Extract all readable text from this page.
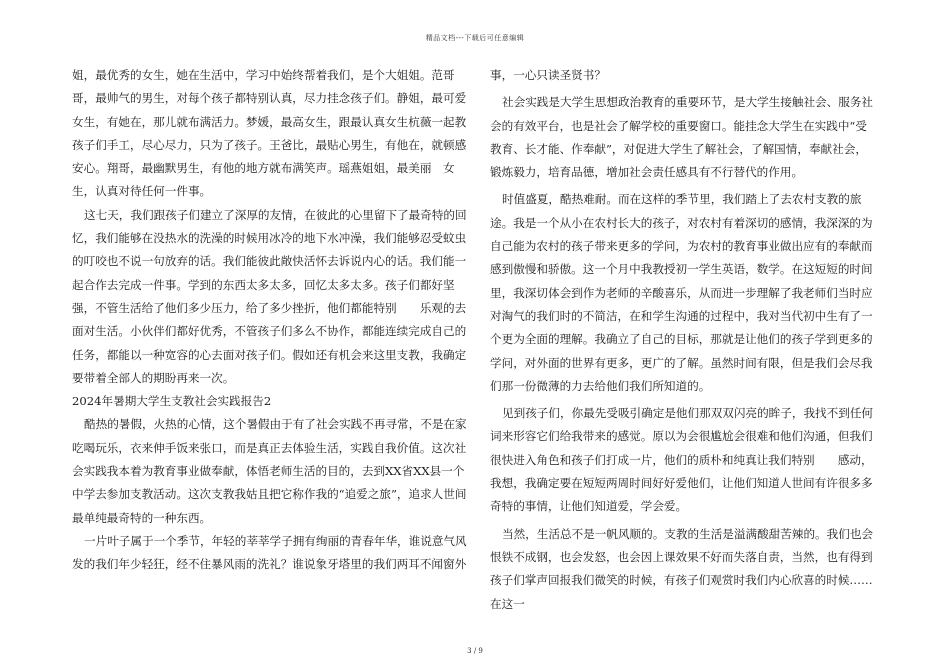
精品文档---下载后可任意编辑

姐，最优秀的女生，她在生活中，学习中始终帮着我们，是个大姐姐。范哥哥，最帅气的男生，对每个孩子都特别认真，尽力挂念孩子们。静姐，最可爱女生，有她在，那儿就布满活力。梦媛，最高女生，跟最认真女生杭薇一起教孩子们手工，尽心尽力，只为了孩子。王爸比，最贴心男生，有他在，就顿感安心。翔哥，最幽默男生，有他的地方就布满笑声。瑶燕姐姐，最美丽　女生，认真对待任何一件事。

这七天，我们跟孩子们建立了深厚的友情，在彼此的心里留下了最奇特的回忆，我们能够在没热水的洗澡的时候用冰冷的地下水冲澡，我们能够忍受蚊虫的叮咬也不说一句放弃的话。我们能彼此敞快活怀去诉说内心的话。我们能一起合作去完成一件事。学到的东西太多太多，回忆太多太多。孩子们都好坚强，不管生活给了他们多少压力，给了多少挫折，他们都能特别　　乐观的去面对生活。小伙伴们都好优秀，不管孩子们多么不协作，都能连续完成自己的任务，都能以一种宽容的心去面对孩子们。假如还有机会来这里支教，我确定要带着全部人的期盼再来一次。

2024年暑期大学生支教社会实践报告2

酷热的暑假，火热的心情，这个暑假由于有了社会实践不再寻常，不是在家吃喝玩乐，衣来伸手饭来张口，而是真正去体验生活，实践自我价值。这次社会实践我本着为教育事业做奉献，体悟老师生活的目的，去到XX省XX县一个中学去参加支教活动。这次支教我姑且把它称作我的“追爱之旅”，追求人世间最单纯最奇特的一种东西。

一片叶子属于一个季节，年轻的莘莘学子拥有绚丽的青春年华，谁说意气风发的我们年少轻狂，经不住暴风雨的洗礼？谁说象牙塔里的我们两耳不闻窗外

事，一心只读圣贤书？

社会实践是大学生思想政治教育的重要环节，是大学生接触社会、服务社会的有效平台，也是社会了解学校的重要窗口。能挂念大学生在实践中“受教育、长才能、作奉献”，对促进大学生了解社会，了解国情，奉献社会，锻炼毅力，培育品德，增加社会责任感具有不行替代的作用。

时值盛夏，酷热难耐。而在这样的季节里，我们踏上了去农村支教的旅途。我是一个从小在农村长大的孩子，对农村有着深切的感情，我深深的为自己能为农村的孩子带来更多的学问，为农村的教育事业做出应有的奉献而感到傲慢和骄傲。这一个月中我教授初一学生英语，数学。在这短短的时间里，我深切体会到作为老师的辛酸喜乐，从而进一步理解了我老师们当时应对淘气的我们时的不简洁，在和学生沟通的过程中，我对当代初中生有了一个更为全面的理解。我确立了自己的目标，那就是让他们的孩子学到更多的学问，对外面的世界有更多，更广的了解。虽然时间有限，但是我们会尽我们那一份微薄的力去给他们我们所知道的。

见到孩子们，你最先受吸引确定是他们那双双闪亮的眸子，我找不到任何词来形容它们给我带来的感觉。原以为会很尴尬会很难和他们沟通，但我们很快进入角色和孩子们打成一片，他们的质朴和纯真让我们特别　　感动，我想，我确定要在短短两周时间好好爱他们，让他们知道人世间有许很多多奇特的事情，让他们知道爱，学会爱。

当然，生活总不是一帆风顺的。支教的生活是溢满酸甜苦辣的。我们也会恨铁不成钢，也会发怒，也会因上课效果不好而失落自责，当然，也有得到孩子们掌声回报我们微笑的时候，有孩子们观赏时我们内心欣喜的时候……在这一

3 / 9
